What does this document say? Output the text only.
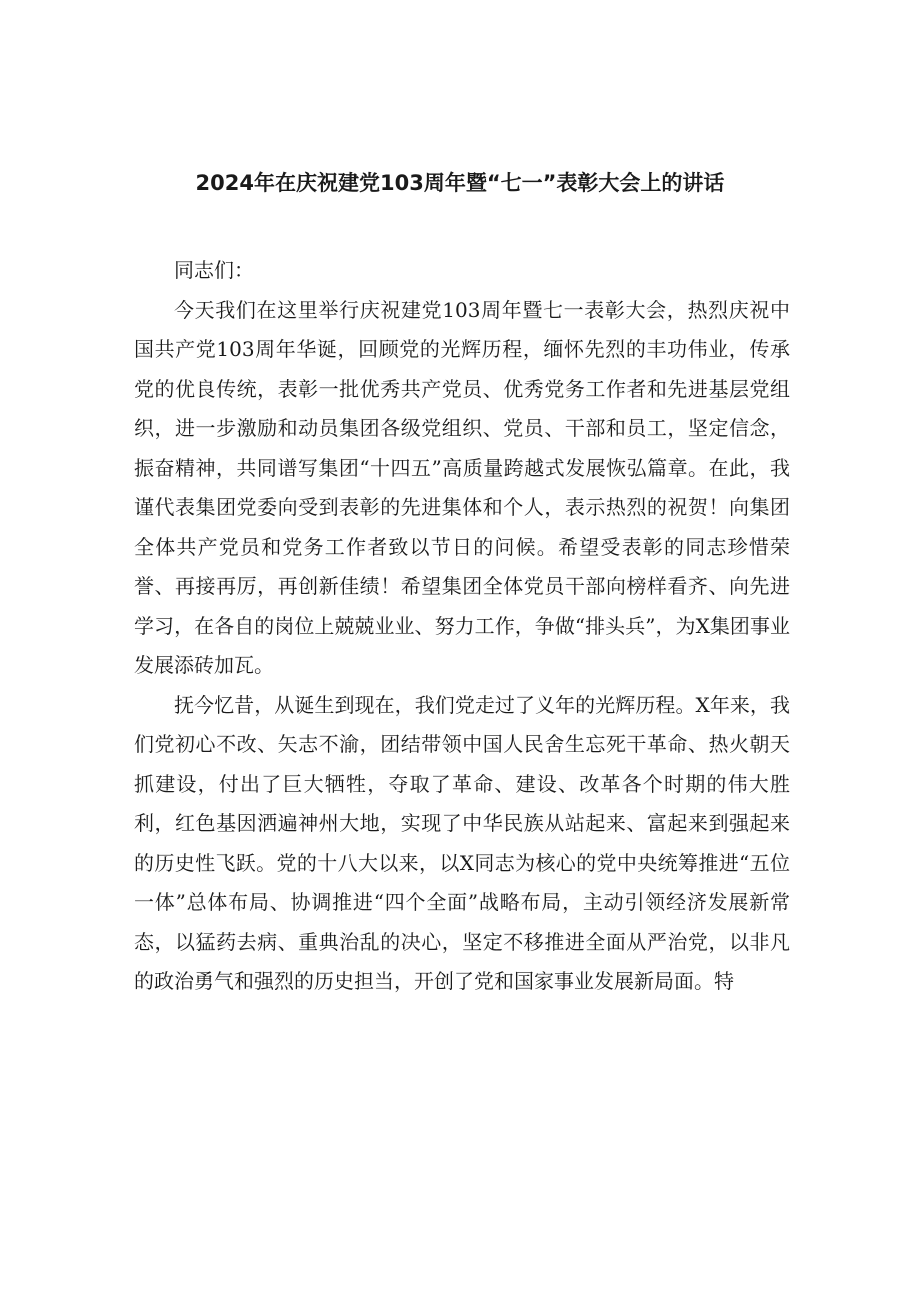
2024年在庆祝建党103周年暨“七一”表彰大会上的讲话

同志们：

今天我们在这里举行庆祝建党103周年暨七一表彰大会，热烈庆祝中国共产党103周年华诞，回顾党的光辉历程，缅怀先烈的丰功伟业，传承党的优良传统，表彰一批优秀共产党员、优秀党务工作者和先进基层党组织，进一步激励和动员集团各级党组织、党员、干部和员工，坚定信念，振奋精神，共同谱写集团“十四五”高质量跨越式发展恢弘篇章。在此，我谨代表集团党委向受到表彰的先进集体和个人，表示热烈的祝贺！向集团全体共产党员和党务工作者致以节日的问候。希望受表彰的同志珍惜荣誉、再接再厉，再创新佳绩！希望集团全体党员干部向榜样看齐、向先进学习，在各自的岗位上兢兢业业、努力工作，争做“排头兵”，为X集团事业发展添砖加瓦。

抚今忆昔，从诞生到现在，我们党走过了义年的光辉历程。X年来，我们党初心不改、矢志不渝，团结带领中国人民舍生忘死干革命、热火朝天抓建设，付出了巨大牺牲，夺取了革命、建设、改革各个时期的伟大胜利，红色基因洒遍神州大地，实现了中华民族从站起来、富起来到强起来的历史性飞跃。党的十八大以来，以X同志为核心的党中央统筹推进“五位一体”总体布局、协调推进“四个全面”战略布局，主动引领经济发展新常态，以猛药去病、重典治乱的决心，坚定不移推进全面从严治党，以非凡的政治勇气和强烈的历史担当，开创了党和国家事业发展新局面。特
